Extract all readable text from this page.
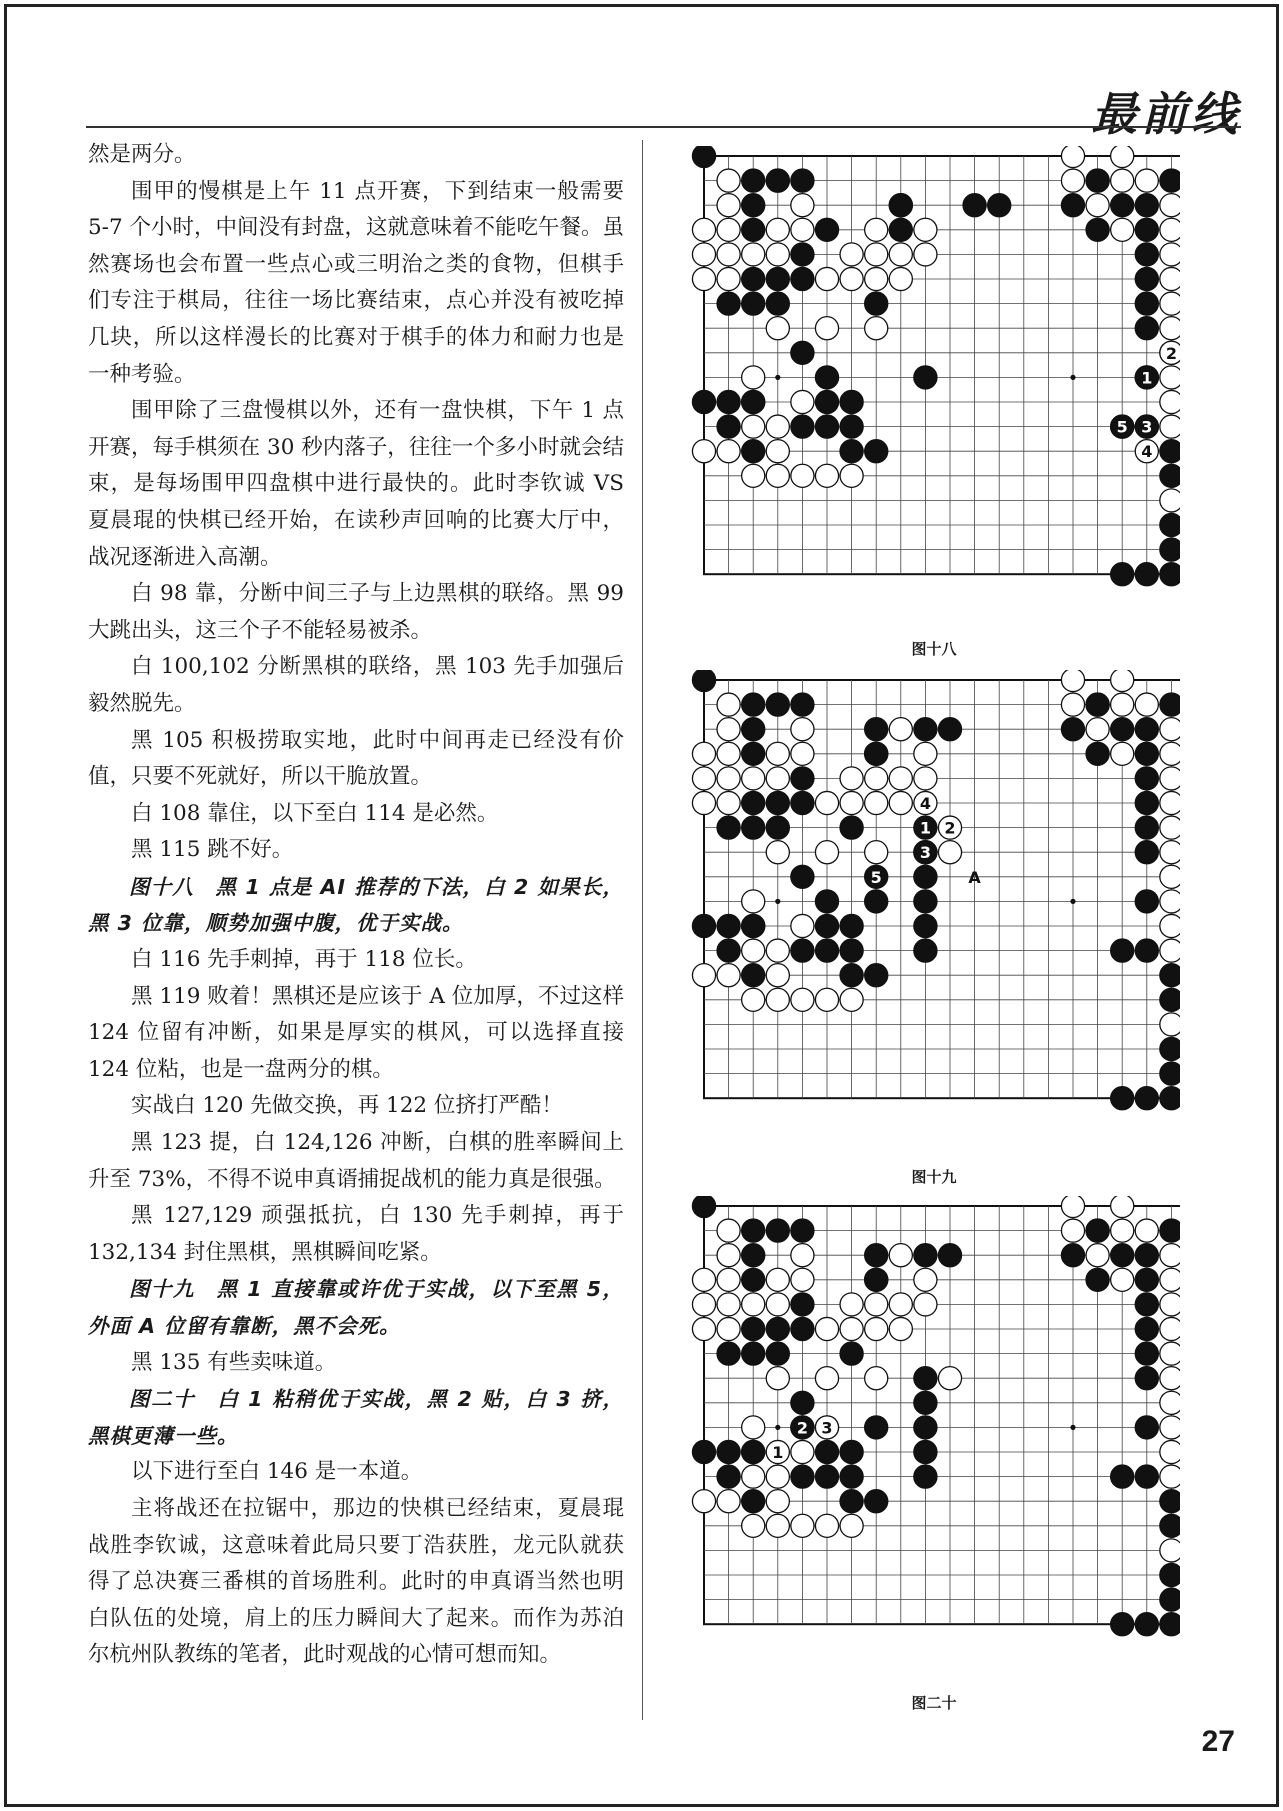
最前线

然是两分。

围甲的慢棋是上午 11 点开赛，下到结束一般需要 5-7 个小时，中间没有封盘，这就意味着不能吃午餐。虽然赛场也会布置一些点心或三明治之类的食物，但棋手们专注于棋局，往往一场比赛结束，点心并没有被吃掉几块，所以这样漫长的比赛对于棋手的体力和耐力也是一种考验。

围甲除了三盘慢棋以外，还有一盘快棋，下午 1 点开赛，每手棋须在 30 秒内落子，往往一个多小时就会结束，是每场围甲四盘棋中进行最快的。此时李钦诚 VS 夏晨琨的快棋已经开始，在读秒声回响的比赛大厅中，战况逐渐进入高潮。

白 98 靠，分断中间三子与上边黑棋的联络。黑 99 大跳出头，这三个子不能轻易被杀。

白 100,102 分断黑棋的联络，黑 103 先手加强后毅然脱先。

黑 105 积极捞取实地，此时中间再走已经没有价值，只要不死就好，所以干脆放置。

白 108 靠住，以下至白 114 是必然。

黑 115 跳不好。

图十八　黑 1 点是 AI 推荐的下法，白 2 如果长，黑 3 位靠，顺势加强中腹，优于实战。

白 116 先手刺掉，再于 118 位长。

黑 119 败着！黑棋还是应该于 A 位加厚，不过这样 124 位留有冲断，如果是厚实的棋风，可以选择直接 124 位粘，也是一盘两分的棋。

实战白 120 先做交换，再 122 位挤打严酷！

黑 123 提，白 124,126 冲断，白棋的胜率瞬间上升至 73%，不得不说申真谞捕捉战机的能力真是很强。

黑 127,129 顽强抵抗，白 130 先手刺掉，再于 132,134 封住黑棋，黑棋瞬间吃紧。

图十九　黑 1 直接靠或许优于实战，以下至黑 5，外面 A 位留有靠断，黑不会死。

黑 135 有些卖味道。

图二十　白 1 粘稍优于实战，黑 2 贴，白 3 挤，黑棋更薄一些。

以下进行至白 146 是一本道。

主将战还在拉锯中，那边的快棋已经结束，夏晨琨战胜李钦诚，这意味着此局只要丁浩获胜，龙元队就获得了总决赛三番棋的首场胜利。此时的申真谞当然也明白队伍的处境，肩上的压力瞬间大了起来。而作为苏泊尔杭州队教练的笔者，此时观战的心情可想而知。

1
2
3
4
5
图十八
1 2
3
4
5	A
图十九
1
2 3
图二十
27
